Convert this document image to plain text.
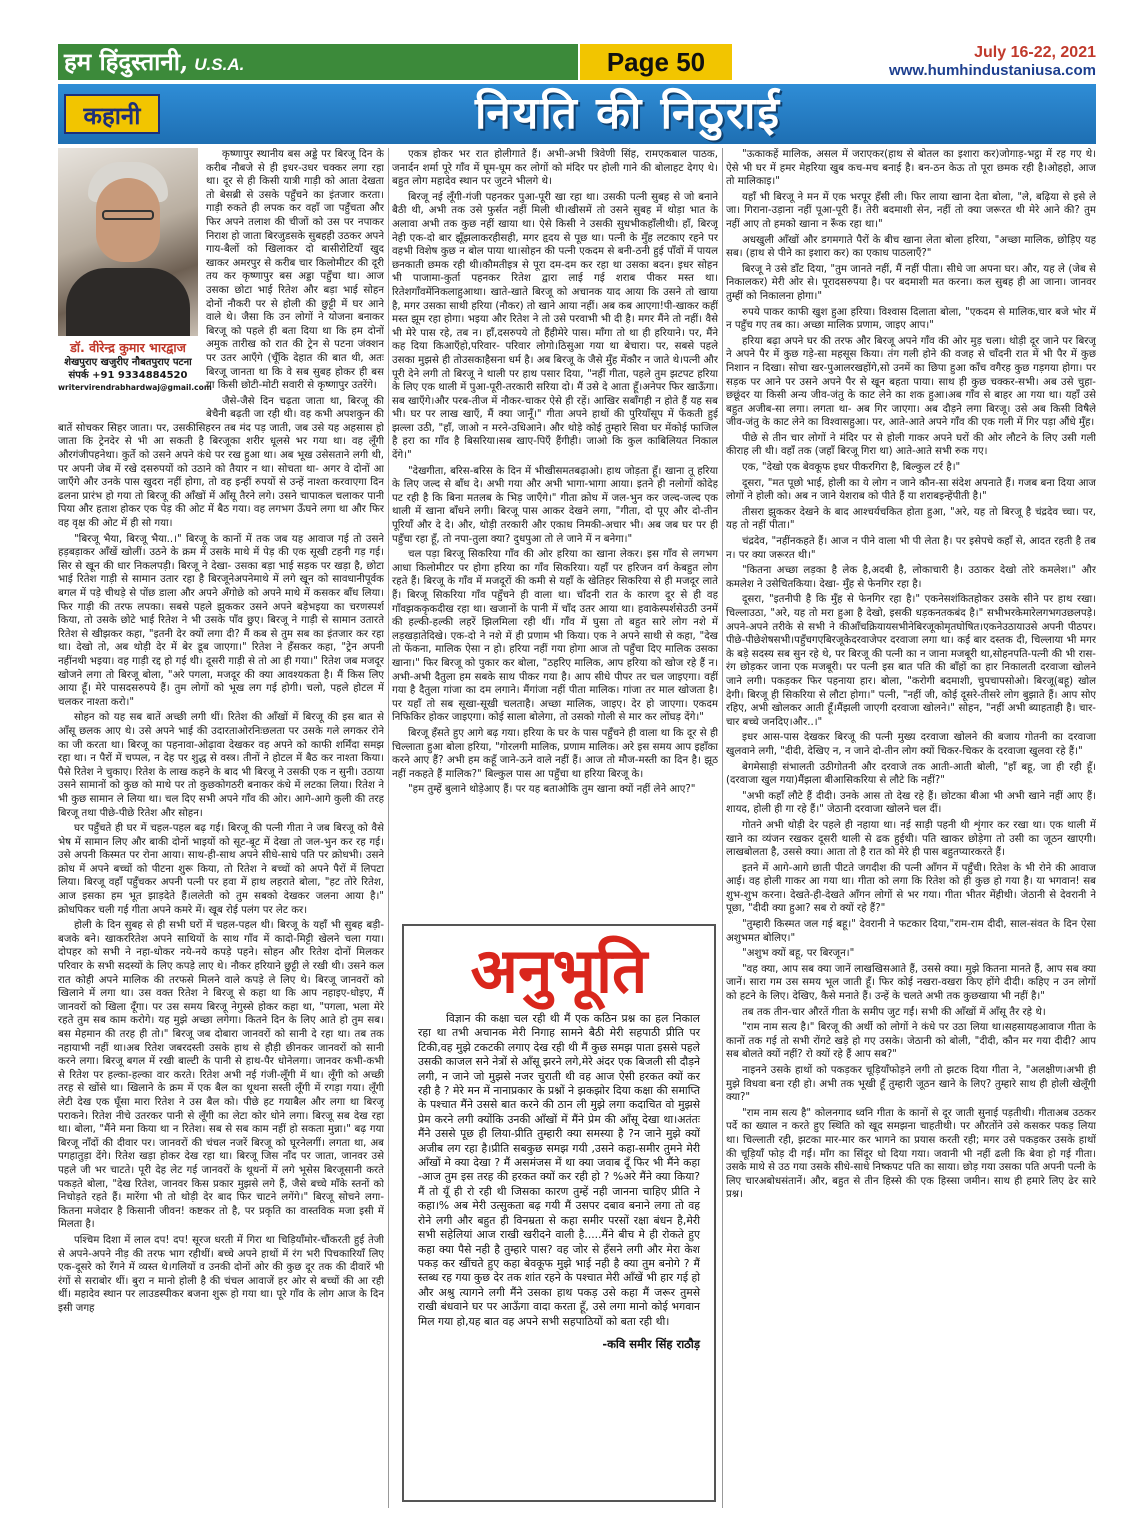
हम हिंदुस्तानी, U.S.A.	Page 50	July 16-22, 2021
www.humhindustaniusa.com
कहानी	नियति की निठुराई
डॉ. वीरेन्द्र कुमार भारद्वाज
शेखपुराए खजुरीए नौबतपुराए पटना
संपर्क +91 9334884520
writervirendrabhardwaj@gmail.com

कृष्णापुर स्थानीय बस अड्डे पर बिरजू दिन के करीब नौबजे से ही इधर-उधर चक्कर लगा रहा था। दूर से ही किसी यात्री गाड़ी को आता देखता तो बेसब्री से उसके पहुँचने का इंतजार करता। गाड़ी रुकते ही लपक कर वहाँ जा पहुँचता और फिर अपने तलाश की चीजों को उस पर नपाकर निराश हो जाता बिरजुडसके सुबहही उठकर अपने गाय-बैलों को खिलाकर दो बासीरोटियाँ खुद खाकर अमरपुर से करीब चार किलोमीटर की दूरी तय कर कृष्णापुर बस अड्डा पहुँचा था। आज उसका छोटा भाई रितेश और बड़ा भाई सोहन दोनों नौकरी पर से होली की छुट्टी में घर आने वाले थे। जैसा कि उन लोगों ने योजना बनाकर बिरजू को पहले ही बता दिया था कि हम दोनों अमुक तारीख को रात की ट्रेन से पटना जंक्शन पर उतर आएँगे (चूँकि देहात की बात थी, अतः बिरजू जानता था कि वे सब सुबह होकर ही बस या किसी छोटी-मोटी सवारी से कृष्णापुर उतरेंगे।

जैसे-जैसे दिन चढ़ता जाता था, बिरजू की बेचैनी बढ़ती जा रही थी। वह कभी अपशकुन की बातें सोचकर सिहर जाता। पर, उसकीसिहरन तब मंद पड़ जाती, जब उसे यह अहसास हो जाता कि ट्रेनदेर से भी आ सकती है बिरजूका शरीर धूलसे भर गया था। वह लूँगी औरगंजीपहनेथा। कुर्ते को उसने अपने कंधे पर रख हुआ था। अब भूख उसेसताने लगी थी, पर अपनी जेब में रखे दसरुपयों को उठाने को तैयार न था। सोचता था- अगर वे दोनों आ जाएँगे और उनके पास खुदरा नहीं होगा, तो वह इन्हीं रुपयों से उन्हें नाश्ता करवाएगा दिन ढलना प्रारंभ हो गया तो बिरजू की आँखों में आँसू तैरने लगे। उसने चापाकल चलाकर पानी पिया और हताश होकर एक पेड़ की ओट में बैठ गया। वह लगभग ऊँघने लगा था और फिर वह वृक्ष की ओट में ही सो गया।

"बिरजू भैया, बिरजू भैया..।" बिरजू के कानों में तक जब यह आवाज गई तो उसने हड़बड़ाकर आँखें खोलीं। उठने के क्रम में उसके माथे में पेड़ की एक सूखी टहनी गड़ गई। सिर से खून की धार निकलपड़ी। बिरजू ने देखा- उसका बड़ा भाई सड़क पर खड़ा है, छोटा भाई रितेश गाड़ी से सामान उतार रहा है बिरजूनेअपनेमाथे में लगे खून को सावधानीपूर्वक बगल में पड़े चीथड़े से पोंछ डाला और अपने अँगोछे को अपने माथे में कसकर बाँध लिया। फिर गाड़ी की तरफ लपका। सबसे पहले झुककर उसने अपने बड़ेभइया का चरणस्पर्श किया, तो उसके छोटे भाई रितेश ने भी उसके पाँव छुए। बिरजू ने गाड़ी से सामान उतारते रितेश से खीझकर कहा, "इतनी देर क्यों लगा दी? मैं कब से तुम सब का इंतजार कर रहा था। देखो तो, अब थोड़ी देर में बेर डूब जाएगा।" रितेश ने हँसकर कहा, "ट्रेन अपनी नहींनथी भइया। वह गाड़ी रद्द हो गई थी। दूसरी गाड़ी से तो आ ही गया।" रितेश जब मजदूर खोजने लगा तो बिरजू बोला, "अरे पगला, मजदूर की क्या आवश्यकता है। मैं किस लिए आया हूँ। मेरे पासदसरुपये हैं। तुम लोगों को भूख लग गई होगी। चलो, पहले होटल में चलकर नाश्ता करो।"

सोहन को यह सब बातें अच्छी लगी थीं। रितेश की आँखों में बिरजू की इस बात से आँसू छलक आए थे। उसे अपने भाई की उदारताओरनिःछलता पर उसके गले लगकर रोने का जी करता था। बिरजू का पहनावा-ओढ़ावा देखकर वह अपने को काफी शर्मिंदा समझ रहा था। न पैरों में चप्पल, न देह पर शुद्ध से वस्त्र। तीनों ने होटल में बैठ कर नाश्ता किया। पैसे रितेश ने चुकाए। रितेश के लाख कहने के बाद भी बिरजू ने उसकी एक न सुनी। उठाया उसने सामानों को कुछ को माथे पर तो कुछकोगठरी बनाकर कंधे में लटका लिया। रितेश ने भी कुछ सामान ले लिया था। चल दिए सभी अपने गाँव की ओर। आगे-आगे कुली की तरह बिरजू तथा पीछे-पीछे रितेश और सोहन।

घर पहुँचते ही घर में चहल-पहल बढ़ गई। बिरजू की पत्नी गीता ने जब बिरजू को वैसे भेष में सामान लिए और बाकी दोनों भाइयों को सूट-बूट में देखा तो जल-भुन कर रह गई। उसे अपनी किस्मत पर रोना आया। साथ-ही-साथ अपने सीधे-साधे पति पर क्रोधभी। उसने क्रोध में अपने बच्चों को पीटना शुरू किया, तो रितेश ने बच्चों को अपने पैरों में लिपटा लिया। बिरजू वहाँ पहुँचकर अपनी पत्नी पर हवा में हाथ लहराते बोला, "हट तोरे रितेश, आज इसका हम भूत झाड़देते हैं।ललेती को तुम सबको देखकर जलना आया है।" क्रोधपिकर चली गई गीता अपने कमरे में। खूब रोई पलंग पर लेट कर।

होली के दिन सुबह से ही सभी घरों में चहल-पहल थी। बिरजू के यहाँ भी सुबह बड़ी-बजके बने। खाकररितेश अपने साथियों के साथ गाँव में कादो-मिट्टी खेलने चला गया। दोपहर को सभी ने नहा-धोकर नये-नये कपड़े पहने। सोहन और रितेश दोनों मिलकर परिवार के सभी सदस्यों के लिए कपड़े लाए थे। नौकर हरियाने छुट्टी ले रखी थी। उसने कल रात कोही अपने मालिक की तरफसे मिलने वाले कपड़े ले लिए थे। बिरजू जानवरों को खिलाने में लगा था। उस वक्त रितेश ने बिरजू से कहा था कि आप नहाइए-धोइए, मैं जानवरों को खिला दूँगा। पर उस समय बिरजू नेगुस्से होकर कहा था, "पगला, भला मेरे रहते तुम सब काम करोगे। यह मुझे अच्छा लगेगा। कितने दिन के लिए आते हो तुम सब। बस मेहमान की तरह ही तो।" बिरजू जब दोबारा जानवरों को सानी दे रहा था। तब तक नहायाभी नहीं था।अब रितेश जबरदस्ती उसके हाथ से हौड़ी छीनकर जानवरों को सानी करने लगा। बिरजू बगल में रखी बाल्टी के पानी से हाथ-पैर धोनेलगा। जानवर कभी-कभी से रितेश पर हल्का-हल्का वार करते। रितेश अभी नई गंजी-लूँगी में था। लूँगी को अच्छी तरह से खोंसे था। खिलाने के क्रम में एक बैल का थूथना सस्ती लूँगी में रगड़ा गया। लूँगी लेटी देख एक घूँसा मारा रितेश ने उस बैल को। पीछे हट गयाबैल और लगा था बिरजू पराकने। रितेश नीचे उतरकर पानी से लूँगी का लेटा कोर धोने लगा। बिरजू सब देख रहा था। बोला, "मैंने मना किया था न रितेश। सब से सब काम नहीं हो सकता मुन्ना।" बढ़ गया बिरजू नाँदों की दीवार पर। जानवरों की चंचल नजरें बिरजू को घूरनेलगीं। लगता था, अब पगहातुड़ा देंगे। रितेश खड़ा होकर देख रहा था। बिरजू जिस नाँद पर जाता, जानवर उसे पहले जी भर चाटते। पूरी देह लेट गई जानवरों के थूथनों में लगे भूसेस बिरजूसानी करते पकड़ते बोला, "देख रितेश, जानवर किस प्रकार मुझसे लगे हैं, जैसे बच्चे माँके स्तनों को निचोड़ते रहते हैं। मारेंगा भी तो थोड़ी देर बाद फिर चाटने लगेंगे।" बिरजू सोचने लगा- कितना मजेदार है किसानी जीवन! कष्टकर तो है, पर प्रकृति का वास्तविक मजा इसी में मिलता है।

पश्चिम दिशा में लाल दप! दप! सूरज धरती में गिरा था चिड़ियाँमोर-चौंकरती हुई तेजी से अपने-अपने नीड़ की तरफ भाग रहीथीं। बच्चे अपने हाथों में रंग भरी पिचकारियाँ लिए एक-दूसरे को रँगने में व्यस्त थे।गलियों व उनकी दोनों ओर की कुछ दूर तक की दीवारें भी रंगों से सराबोर थीं। बुरा न मानो होली है की चंचल आवाजें हर ओर से बच्चों की आ रही थीं। महादेव स्थान पर लाउडस्पीकर बजना शुरू हो गया था। पूरे गाँव के लोग आज के दिन इसी जगह

एकत्र होकर भर रात होलीगाते हैं। अभी-अभी त्रिवेणी सिंह, रामएकबाल पाठक, जनार्दन शर्मा पूरे गाँव में घूम-घूम कर लोगों को मंदिर पर होली गाने की बोलाहट देगए थे। बहुत लोग महादेव स्थान पर जुटने भीलगे थे।

बिरजू नई लूँगी-गंजी पहनकर पुआ-पूरी खा रहा था। उसकी पत्नी सुबह से जो बनाने बैठी थी, अभी तक उसे फुर्सत नहीं मिली थी।खीसमें तो उसने सुबह में थोड़ा भात के अलावा अभी तक कुछ नहीं खाया था। ऐसे किसी ने उसकी सुधभीकहाँलीथी। हाँ, बिरजू नेही एक-दो बार झूँझलाकरहीसही, मगर हृदय से पूछ था। पत्नी के मुँह लटकाए रहने पर वहभी विशेष कुछ न बोल पाया था।सोहन की पत्नी एकदम से बनी-ठनी हुई पाँवों में पायल छनकाती छमक रही थी।कौमतीइत्र से पूरा दम-दम कर रहा था उसका बदन। इधर सोहन भी पाजामा-कुर्ता पहनकर रितेश द्वारा लाई गई शराब पीकर मस्त था।रितेशगाँवमेंनिकलाहुआथा। खाते-खाते बिरजू को अचानक याद आया कि उसने तो खाया है, मगर उसका साथी हरिया (नौकर) तो खाने आया नहीं। अब कब आएगा!पी-खाकर कहीं मस्त झूम रहा होगा। भइया और रितेश ने तो उसे परवाभी भी दी है। मगर मैंने तो नहीं। वैसे भी मेरे पास रहे, तब न। हाँ,दसरुपये तो हैंहीमेरे पास। माँगा तो था ही हरियाने। पर, मैंने कह दिया किआएँहो,परिवार- परिवार लोगो।ठिसुआ गया था बेचारा। पर, सबसे पहले उसका मुझसे ही तोउसकाहैसना धर्म है। अब बिरजू के जैसे मुँह मेंकौर न जाते थे।पत्नी और पूरी देने लगी तो बिरजू ने थाली पर हाथ पसार दिया, "नहीं गीता, पहले तुम झटपट हरिया के लिए एक थाली में पुआ-पूरी-तरकारी सरिया दो। मैं उसे दे आता हूँ।अनेपर फिर खाऊँगा। सब खाएँगे।और परब-तीज में नौकर-चाकर ऐसे ही रहें। आखिर सबाँगही न होते हैं यह सब भी। घर पर लाख खाएँ, मैं क्या जानूँ।" गीता अपने हाथों की पुरियाँसूप में फेंकती हुई झल्ला उठी, "हाँ, जाओ न मरने-उधिआने। और थोड़े कोई तुम्हारे सिवा घर मेंकोई फाजिल है हरा का गाँव है बिसरिया।सब खाए-पिएँ हैंगीही। जाओ कि कुल काबिलियत निकाल देंगे।"

"देखगीता, बरिस-बरिस के दिन में भीखीसमतबढ़ाओ। हाथ जोड़ता हूँ। खाना तू हरिया के लिए जल्द से बाँध दे। अभी गया और अभी भागा-भागा आया। इतने ही नलोगों कोदेह पट रही है कि बिना मतलब के भिड़ जाएँगे।" गीता क्रोध में जल-भुन कर जल्द-जल्द एक थाली में खाना बाँधने लगी। बिरजू पास आकर देखने लगा, "गीता, दो पूए और दो-तीन पूरियाँ और दे दे। और, थोड़ी तरकारी और एकाध निमकी-अचार भी। अब जब घर पर ही पहुँचा रहा हूँ, तो नपा-तुला क्या? दुधपुआ तो ले जाने में न बनेगा।"

चल पड़ा बिरजू सिकरिया गाँव की ओर हरिया का खाना लेकर। इस गाँव से लगभग आधा किलोमीटर पर होगा हरिया का गाँव सिकरिया। यहाँ पर हरिजन वर्ग केबहुत लोग रहते हैं। बिरजू के गाँव में मजदूरों की कमी से यहाँ के खेतिहर सिकरिया से ही मजदूर लाते हैं। बिरजू सिकरिया गाँव पहुँचने ही वाला था। चाँदनी रात के कारण दूर से ही वह गाँवझककृकदीख रहा था। खजानों के पानी में चाँद उतर आया था। हवाकेस्पर्शसेउठी उनमें की हल्की-हल्की लहरें झिलमिला रही थीं। गाँव में घुसा तो बहुत सारे लोग नशे में लड़खड़ातेदिखे। एक-दो ने नशे में ही प्रणाम भी किया। एक ने अपने साथी से कहा, "देख तो फेंकना, मालिक ऐसा न हो। हरिया नहीं गया होगा आज तो पहुँचा दिए मालिक उसका खाना।" फिर बिरजू को पुकार कर बोला, "ठहरिए मालिक, आप हरिया को खोज रहे हैं न। अभी-अभी दैतुला हम सबके साथ पीकर गया है। आप सीधे पीपर तर चल जाइएगा। वहीं गया है दैतुला गांजा का दम लगाने। मैंगांजा नहीं पीता मालिक। गांजा तर माल खोजता है। पर यहाँ तो सब सूखा-सूखी चलताहै। अच्छा मालिक, जाइए। देर हो जाएगा। एकदम निफिकिर होकर जाइएगा। कोई साला बोलेगा, तो उसको गोली से मार कर लोंघड़ देंगे।"

बिरजू हँसते हुए आगे बढ़ गया। हरिया के घर के पास पहुँचने ही वाला था कि दूर से ही चिल्लाता हुआ बोला हरिया, "गोरलगी मालिक, प्रणाम मालिक। अरे इस समय आप इहाँका करने आए हैं? अभी हम कहूँ जाने-ऊने वाले नहीं हैं। आज तो मौज-मस्ती का दिन है। झूठ नहीं नकहते हैं मालिक?" बिल्कुल पास आ पहुँचा था हरिया बिरजू के।

"हम तुम्हें बुलाने थोड़ेआए हैं। पर यह बताओकि तुम खाना क्यों नहीं लेने आए?"

अनुभूति

विज्ञान की कक्षा चल रही थी मैं एक कठिन प्रश्न का हल निकाल रहा था तभी अचानक मेरी निगाह सामने बैठी मेरी सहपाठी प्रीति पर टिकी,वह मुझे टकटकी लगाए देख रही थी मैं कुछ समझ पाता इससे पहले उसकी काजल सने नेत्रों से आँसू झरने लगे,मेरे अंदर एक बिजली सी दौड़ने लगी, न जाने जो मुझसे नजर चुराती थी वह आज ऐसी हरकत क्यों कर रही है ? मेरे मन में नानाप्रकार के प्रश्नों ने झकझोर दिया कक्षा की समाप्ति के पश्चात मैंने उससे बात करने की ठान ली मुझे लगा कदाचित वो मुझसे प्रेम करने लगी क्योंकि उनकी आँखों में मैंने प्रेम की आँसू देखा था।अतंतः मैंने उससे पूछ ही लिया-प्रीति तुम्हारी क्या समस्या है ?न जाने मुझे क्यों अजीब लग रहा है।प्रीति सबकुछ समझ गयी ,उसने कहा-समीर तुमने मेरी आँखों मे क्या देखा ? मैं असमंजस में था क्या जवाब दूँ फिर भी मैंने कहा -आज तुम इस तरह की हरकत क्यों कर रही हो ? %अरे मैंने क्या किया? मैं तो यूँ ही रो रही थी जिसका कारण तुम्हें नही जानना चाहिए प्रीति ने कहा।% अब मेरी उत्सुकता बढ़ गयी मैं उसपर दबाव बनाने लगा तो वह रोने लगी और बहुत ही विनम्रता से कहा समीर परसों रक्षा बंधन है,मेरी सभी सहेलियां आज राखी खरीदने वाली है.....मैंने बीच मे ही रोकते हुए कहा क्या पैसे नही है तुम्हारे पास? वह जोर से हँसने लगी और मेरा केश पकड़ कर खींचते हुए कहा बेवकूफ मुझे भाई नही है क्या तुम बनोगे ? मैं स्तब्ध रह गया कुछ देर तक शांत रहने के पश्चात मेरी आँखें भी हार गई हो और अश्रु त्यागने लगी मैंने उसका हाथ पकड़ उसे कहा मैं जरूर तुमसे राखी बंधवाने घर पर आऊँगा वादा करता हूँ, उसे लगा मानो कोई भगवान मिल गया हो,यह बात वह अपने सभी सहपाठियों को बता रही थी।

-कवि समीर सिंह राठौड़

"ऊकाकहें मालिक, असल में जराएकर(हाथ से बोतल का इशारा कर)जोगाड़-भट्ठा में रह गए थे। ऐसे भी घर में हमर मेहरिया खुब कच-मच बनाई है। बन-ठन केऊ तो पूरा छमक रही है।ओहहो, आज तो मालिकाइ।"

यहाँ भी बिरजू ने मन में एक भरपूर हँसी ली। फिर लाया खाना देता बोला, "ले, बढ़िया से इसे ले जा। गिराना-उड़ाना नहीं पूआ-पूरी हैं। तेरी बदमाशी सेन, नहीं तो क्या जरूरत थी मेरे आने की? तुम नहीं आए तो हमको खाना न रूँक रहा था।"

अधखुली आँखों और डगमगाते पैरों के बीच खाना लेता बोला हरिया, "अच्छा मालिक, छोड़िए यह सब। (हाथ से पीने का इशारा कर) का एकाध पाठलाएँ?"

बिरजू ने उसे डाँट दिया, "तुम जानते नहीं, मैं नहीं पीता। सीधे जा अपना घर। और, यह ले (जेब से निकालकर) मेरी ओर से। पूरादसरुपया है। पर बदमाशी मत करना। कल सुबह ही आ जाना। जानवर तुम्हीं को निकालना होगा।"

रुपये पाकर काफी खुश हुआ हरिया। विश्वास दिलाता बोला, "एकदम से मालिक,चार बजे भोर में न पहुँच गए तब का। अच्छा मालिक प्रणाम, जाइए आप।"

हरिया बढ़ा अपने घर की तरफ और बिरजू अपने गाँव की ओर मुड़ चला। थोड़ी दूर जाने पर बिरजू ने अपने पैर में कुछ गड़े-सा महसूस किया। तंग गली होने की वजह से चाँदनी रात में भी पैर में कुछ निशान न दिखा। सोचा खर-पुआलरखहोंगे,सो उनमें का छिपा हुआ काँच वगैरह कुछ गड़गया होगा। पर सड़क पर आने पर उसने अपने पैर से खून बहता पाया। साथ ही कुछ चक्कर-सभी। अब उसे चुहा-छछूंदर या किसी अन्य जीव-जंतु के काट लेने का शक हुआ।अब गाँव से बाहर आ गया था। यहाँ उसे बहुत अजीब-सा लगा। लगता था- अब गिर जाएगा। अब दौड़ने लगा बिरजू। उसे अब किसी विषैले जीव-जंतु के काट लेने का विश्वासहुआ। पर, आते-आते अपने गाँव की एक गली में गिर पड़ा औंधे मुँह।

पीछे से तीन चार लोगों ने मंदिर पर से होली गाकर अपने घरों की ओर लौटने के लिए उसी गली कीराह ली थी। वहाँ तक (जहाँ बिरजू गिरा था) आते-आते सभी रुक गए।

एक, "देखो एक बेवकूफ इधर पीकरगिरा है, बिल्कुल टर्र है।"

दूसरा, "मत पूछो भाई, होली का ये लोग न जाने कौन-सा संदेश अपनाते हैं। गजब बना दिया आज लोगों ने होली को। अब न जाने येशराब को पीते हैं या शराबइन्हेंपीती है।"

तीसरा झुककर देखने के बाद आश्चर्यचकित होता हुआ, "अरे, यह तो बिरजू है चंद्रदेव च्चा। पर, यह तो नहीं पीता।"

चंद्रदेव, "नहींनकहते हैं। आज न पीने वाला भी पी लेता है। पर इसेपचे कहाँ से, आदत रहती है तब न। पर क्या जरूरत थी।"

"कितना अच्छा लड़का है लेक है,अदबी है, लोकाचारी है। उठाकर देखो तोरे कमलेश।" और कमलेश ने उसेचितकिया। देखा- मुँह से फेनगिर रहा है।

दूसरा, "इतनीपी है कि मुँह से फेनगिर रहा है।" एकनेसशंकितहोकर उसके सीने पर हाथ रखा। चिल्लाउठा, "अरे, यह तो मरा हुआ है देखो, इसकी धड़कनतकबंद है।" सभीभरकेमारेलगभगउछलपड़े। अपने-अपने तरीके से सभी ने कीआँचक्रियायसभीनेबिरजूकोमृतघोषित।एकनेउठायाउसे अपनी पीठपर। पीछे-पीछेशेषसभी।पहुँचगएबिरजूकेदरवाजेपर दरवाजा लगा था। कई बार दस्तक दी, चिल्लाया भी मगर के बड़े सदस्य सब सुन रहे थे, पर बिरजू की पत्नी का न जाना मजबूरी था,सोहनपति-पत्नी की भी रास-रंग छोड़कर जाना एक मजबूरी। पर पत्नी इस बात पति की बाँहों का हार निकालती दरवाजा खोलने जाने लगी। पकड़कर फिर पहनाया हार। बोला, "करोगी बदमाशी, चुपचापसोओ। बिरजू(बहू) खोल देगी। बिरजू ही सिकरिया से लौटा होगा।" पत्नी, "नहीं जी, कोई दूसरे-तीसरे लोग बुझाते हैं। आप सोए रहिए, अभी खोलकर आती हूँ।मैंझली जाएगी दरवाजा खोलने।" सोहन, "नहीं अभी ब्याहताही है। चार- चार बच्चे जनदिए।और..।"

इधर आस-पास देखकर बिरजू की पत्नी मुख्य दरवाजा खोलने की बजाय गोतनी का दरवाजा खुलवाने लगी, "दीदी, देखिए न, न जाने दो-तीन लोग क्यों चिकर-चिकर के दरवाजा खुलवा रहे हैं।"

बेगमेसाड़ी संभालती उठीगोतनी और दरवाजे तक आती-आती बोली, "हाँ बहू, जा ही रही हूँ।(दरवाजा खुल गया)मैंझला बीआसिकरिया से लौटे कि नहीं?"

"अभी कहाँ लौटे हैं दीदी। उनके आस तो देख रहे हैं। छोटका बीआ भी अभी खाने नहीं आए हैं। शायद, होली ही गा रहे हैं।" जेठानी दरवाजा खोलने चल दीं।

गोतने अभी थोड़ी देर पहले ही नहाया था। नई साड़ी पहनी थी शृंगार कर रखा था। एक थाली में खाने का व्यंजन रखकर दूसरी थाली से ढक हुईथी। पति खाकर छोड़ेगा तो उसी का जूठन खाएगी। लाखबोलता है, उससे क्या। आता तो है रात को मेरे ही पास बहुतप्यारकरते हैं।

इतने में आगे-आगे छाती पीटते जगदीश की पत्नी आँगन में पहुँची। रितेश के भी रोने की आवाज आई। वह होली गाकर आ गया था। गीता को लगा कि रितेश को ही कुछ हो गया है। या भगवान! सब शुभ-शुभ करना। देखते-ही-देखते आँगन लोगों से भर गया। गीता भीतर मेंहीथी। जेठानी से देवरानी ने पूछा, "दीदी क्या हुआ? सब रो क्यों रहे हैं?"

"तुम्हारी किस्मत जल गई बहू।" देवरानी ने फटकार दिया,"राम-राम दीदी, साल-संवत के दिन ऐसा अशुभमत बोलिए।"

"अशुभ क्यों बहू, पर बिरजून।"

"वह क्या, आप सब क्या जानें लाखखिसआते हैं, उससे क्या। मुझे कितना मानते हैं, आप सब क्या जानें। सारा गम उस समय भूल जाती हूँ। फिर कोई नखरा-वखरा किए होंगे दीदी। कहिए न उन लोगों को हटने के लिए। देखिए, कैसे मनाते हैं। उन्हें के चलते अभी तक कुछखाया भी नहीं है।"

तब तक तीन-चार औरतें गीता के समीप जुट गईं। सभी की आँखों में आँसू तैर रहे थे।

"राम नाम सत्य है।" बिरजू की अर्थी को लोगों ने कंधे पर उठा लिया था।सहसायहआवाज गीता के कानों तक गई तो सभी रोंगटे खड़े हो गए उसके। जेठानी को बोली, "दीदी, कौन मर गया दीदी? आप सब बोलते क्यों नहीं? रो क्यों रहे हैं आप सब?"

नाइनने उसके हाथों को पकड़कर चूड़ियाँफोड़ने लगी तो झटक दिया गीता ने, "अलक्षीण।अभी ही मुझे विधवा बना रही हो। अभी तक भूखी हूँ तुम्हारी जूठन खाने के लिए? तुम्हारे साथ ही होली खेलूँगी क्या?"

"राम नाम सत्य है" कोलनगाद ध्वनि गीता के कानों से दूर जाती सुनाई पड़तीथी। गीताअब उठकर पर्दे का ख्याल न करते हुए स्थिति को खूद समझना चाहतीथी। पर औरतोंने उसे कसकर पकड़ लिया था। चिल्लाती रही, झटका मार-मार कर भागने का प्रयास करती रही; मगर उसे पकड़कर उसके हाथों की चूड़ियाँ फोड़ दी गईं। माँग का सिंदूर धो दिया गया। जवानी भी नहीं ढली कि बेवा हो गई गीता। उसके माथे से उठ गया उसके सीधे-साधे निष्कपट पति का साया। छोड़ गया उसका पति अपनी पत्नी के लिए चारअबोधसंतानें। और, बहुत से तीन हिस्से की एक हिस्सा जमीन। साथ ही हमारे लिए ढेर सारे प्रश्न।
